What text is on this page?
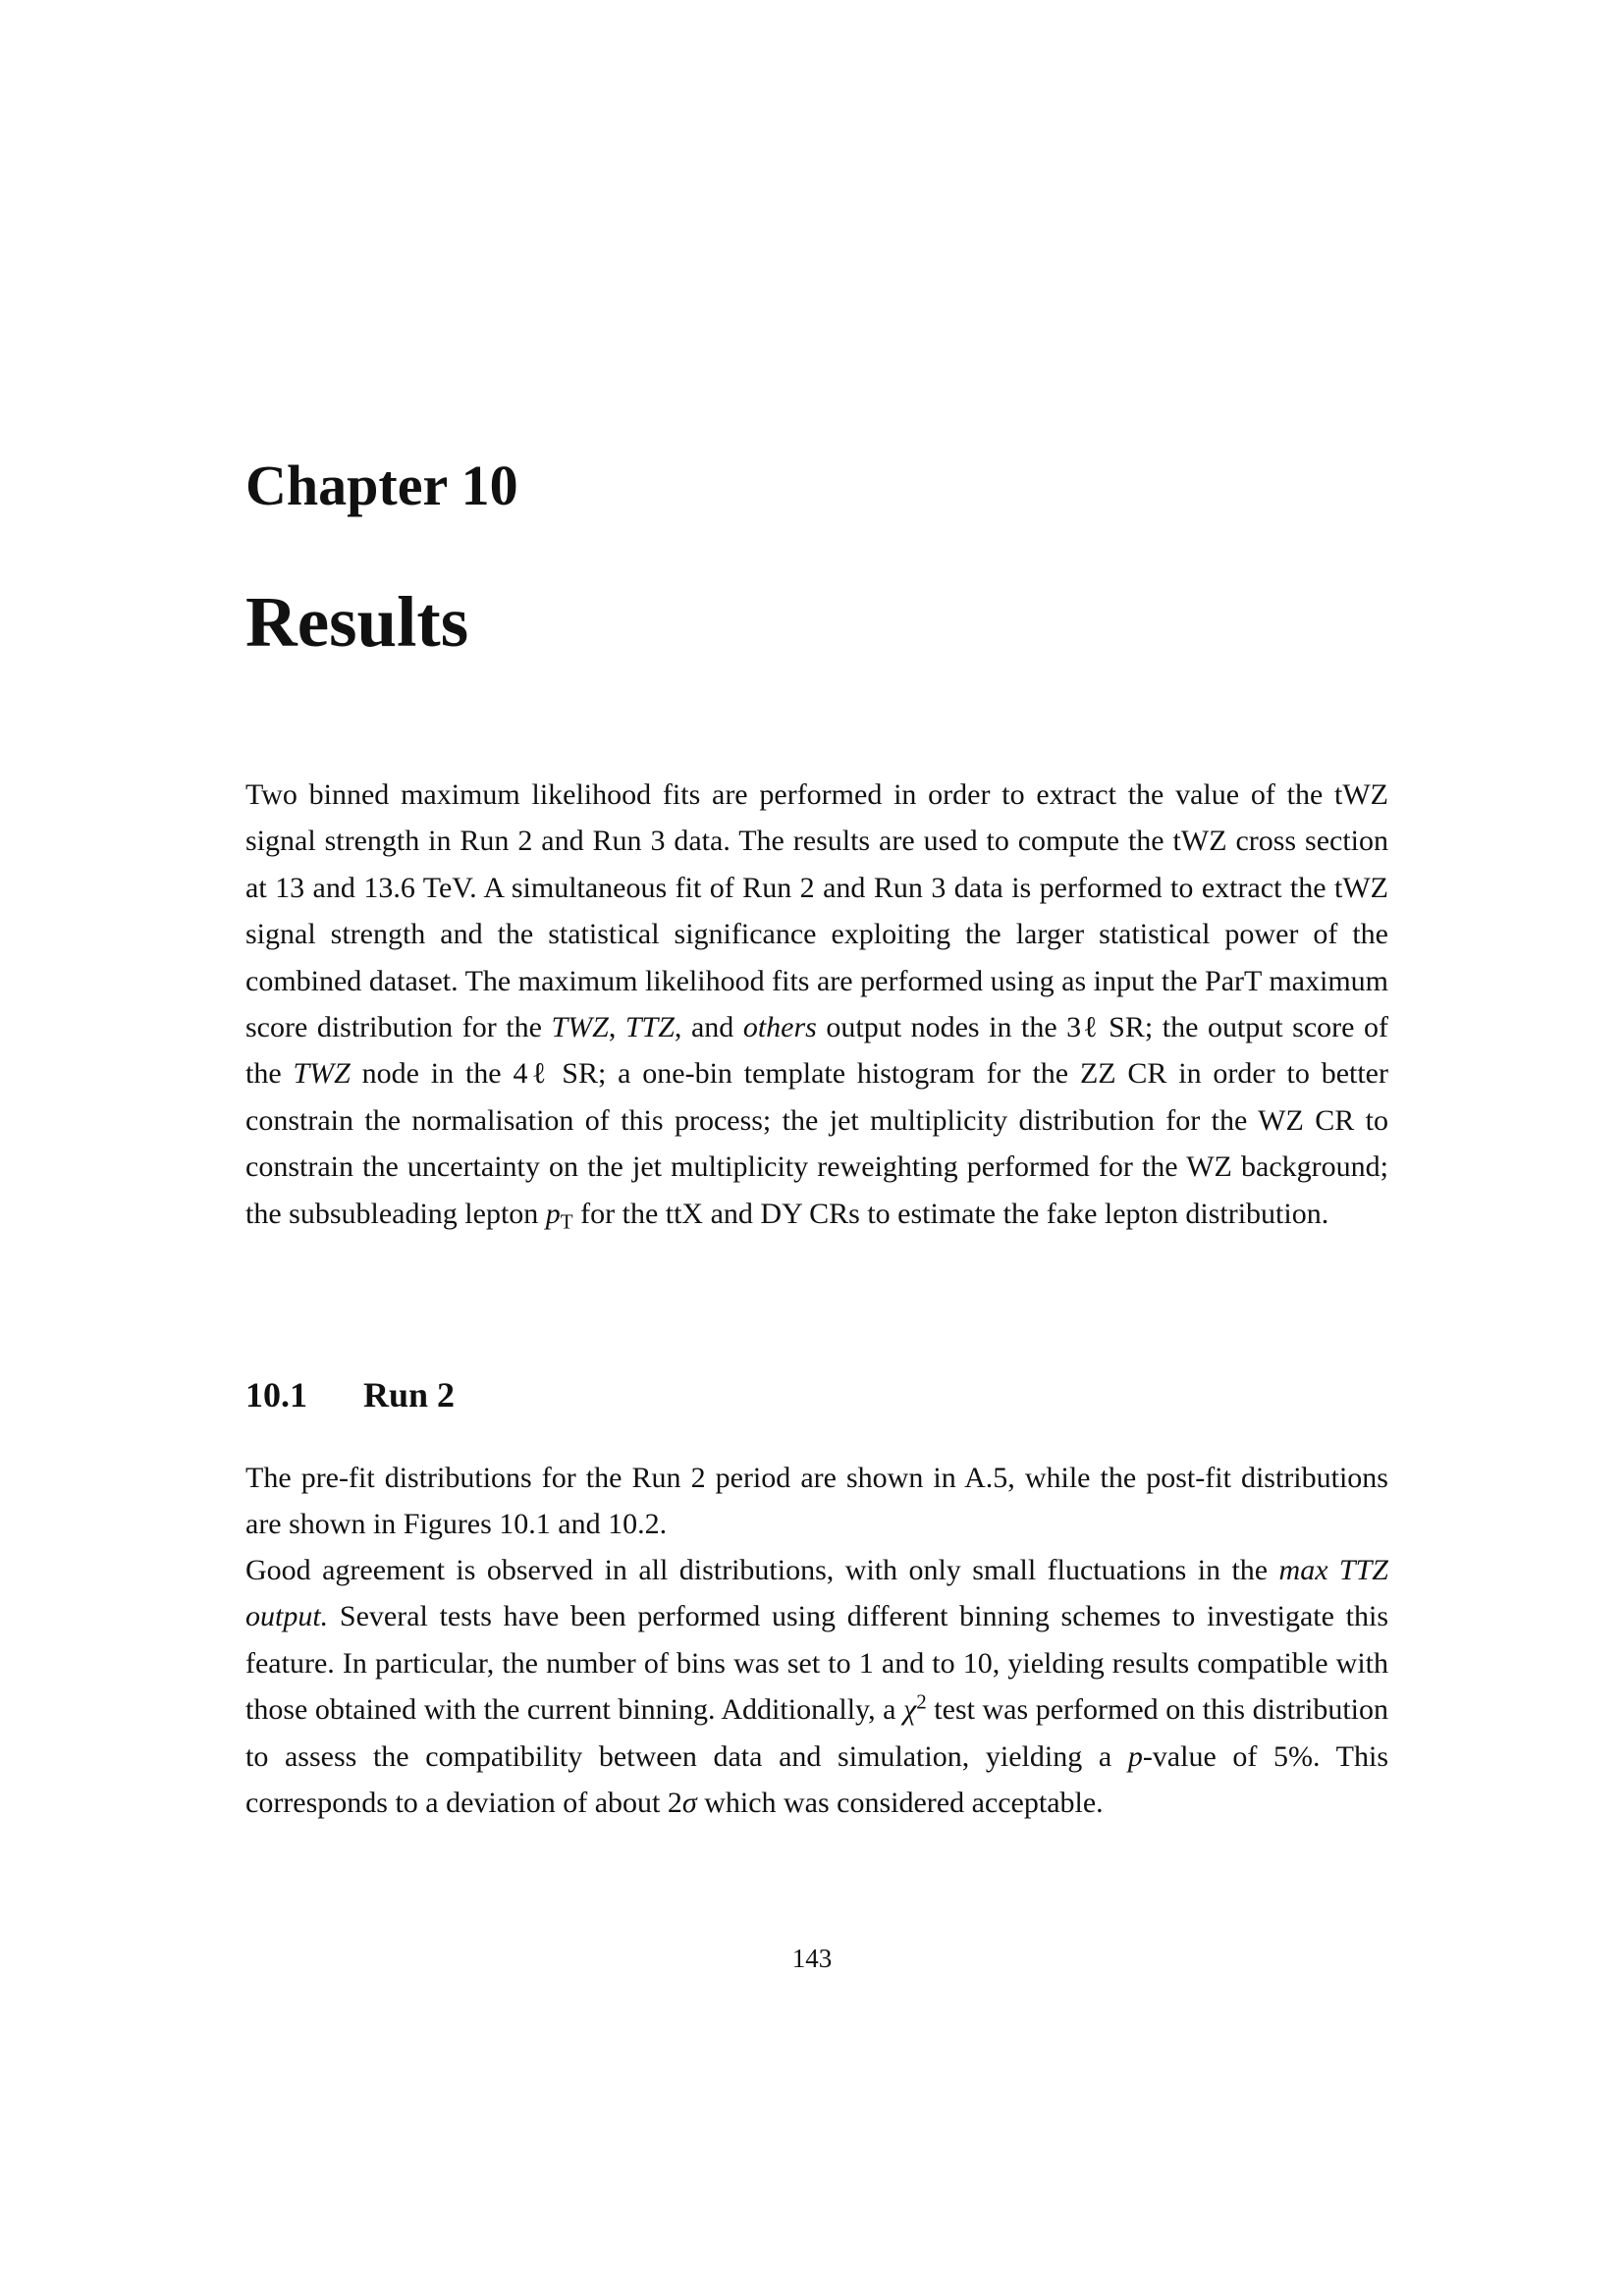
Chapter 10
Results

Two binned maximum likelihood fits are performed in order to extract the value of the tWZ signal strength in Run 2 and Run 3 data. The results are used to compute the tWZ cross section at 13 and 13.6 TeV. A simultaneous fit of Run 2 and Run 3 data is performed to extract the tWZ signal strength and the statistical significance exploiting the larger statistical power of the combined dataset. The maximum likelihood fits are performed using as input the ParT maximum score distribution for the TWZ, TTZ, and others output nodes in the 3ℓ SR; the output score of the TWZ node in the 4ℓ SR; a one-bin template histogram for the ZZ CR in order to better constrain the normalisation of this process; the jet multiplicity distribution for the WZ CR to constrain the uncertainty on the jet multiplicity reweighting performed for the WZ background; the subsubleading lepton $p_T$ for the ttX and DY CRs to estimate the fake lepton distribution.

10.1 Run 2

The pre-fit distributions for the Run 2 period are shown in A.5, while the post-fit distributions are shown in Figures 10.1 and 10.2.

Good agreement is observed in all distributions, with only small fluctuations in the max TTZ output. Several tests have been performed using different binning schemes to investigate this feature. In particular, the number of bins was set to 1 and to 10, yielding results compatible with those obtained with the current binning. Additionally, a $\chi^2$ test was performed on this distribution to assess the compatibility between data and simulation, yielding a p-value of 5%. This corresponds to a deviation of about 2σ which was considered acceptable.

143
